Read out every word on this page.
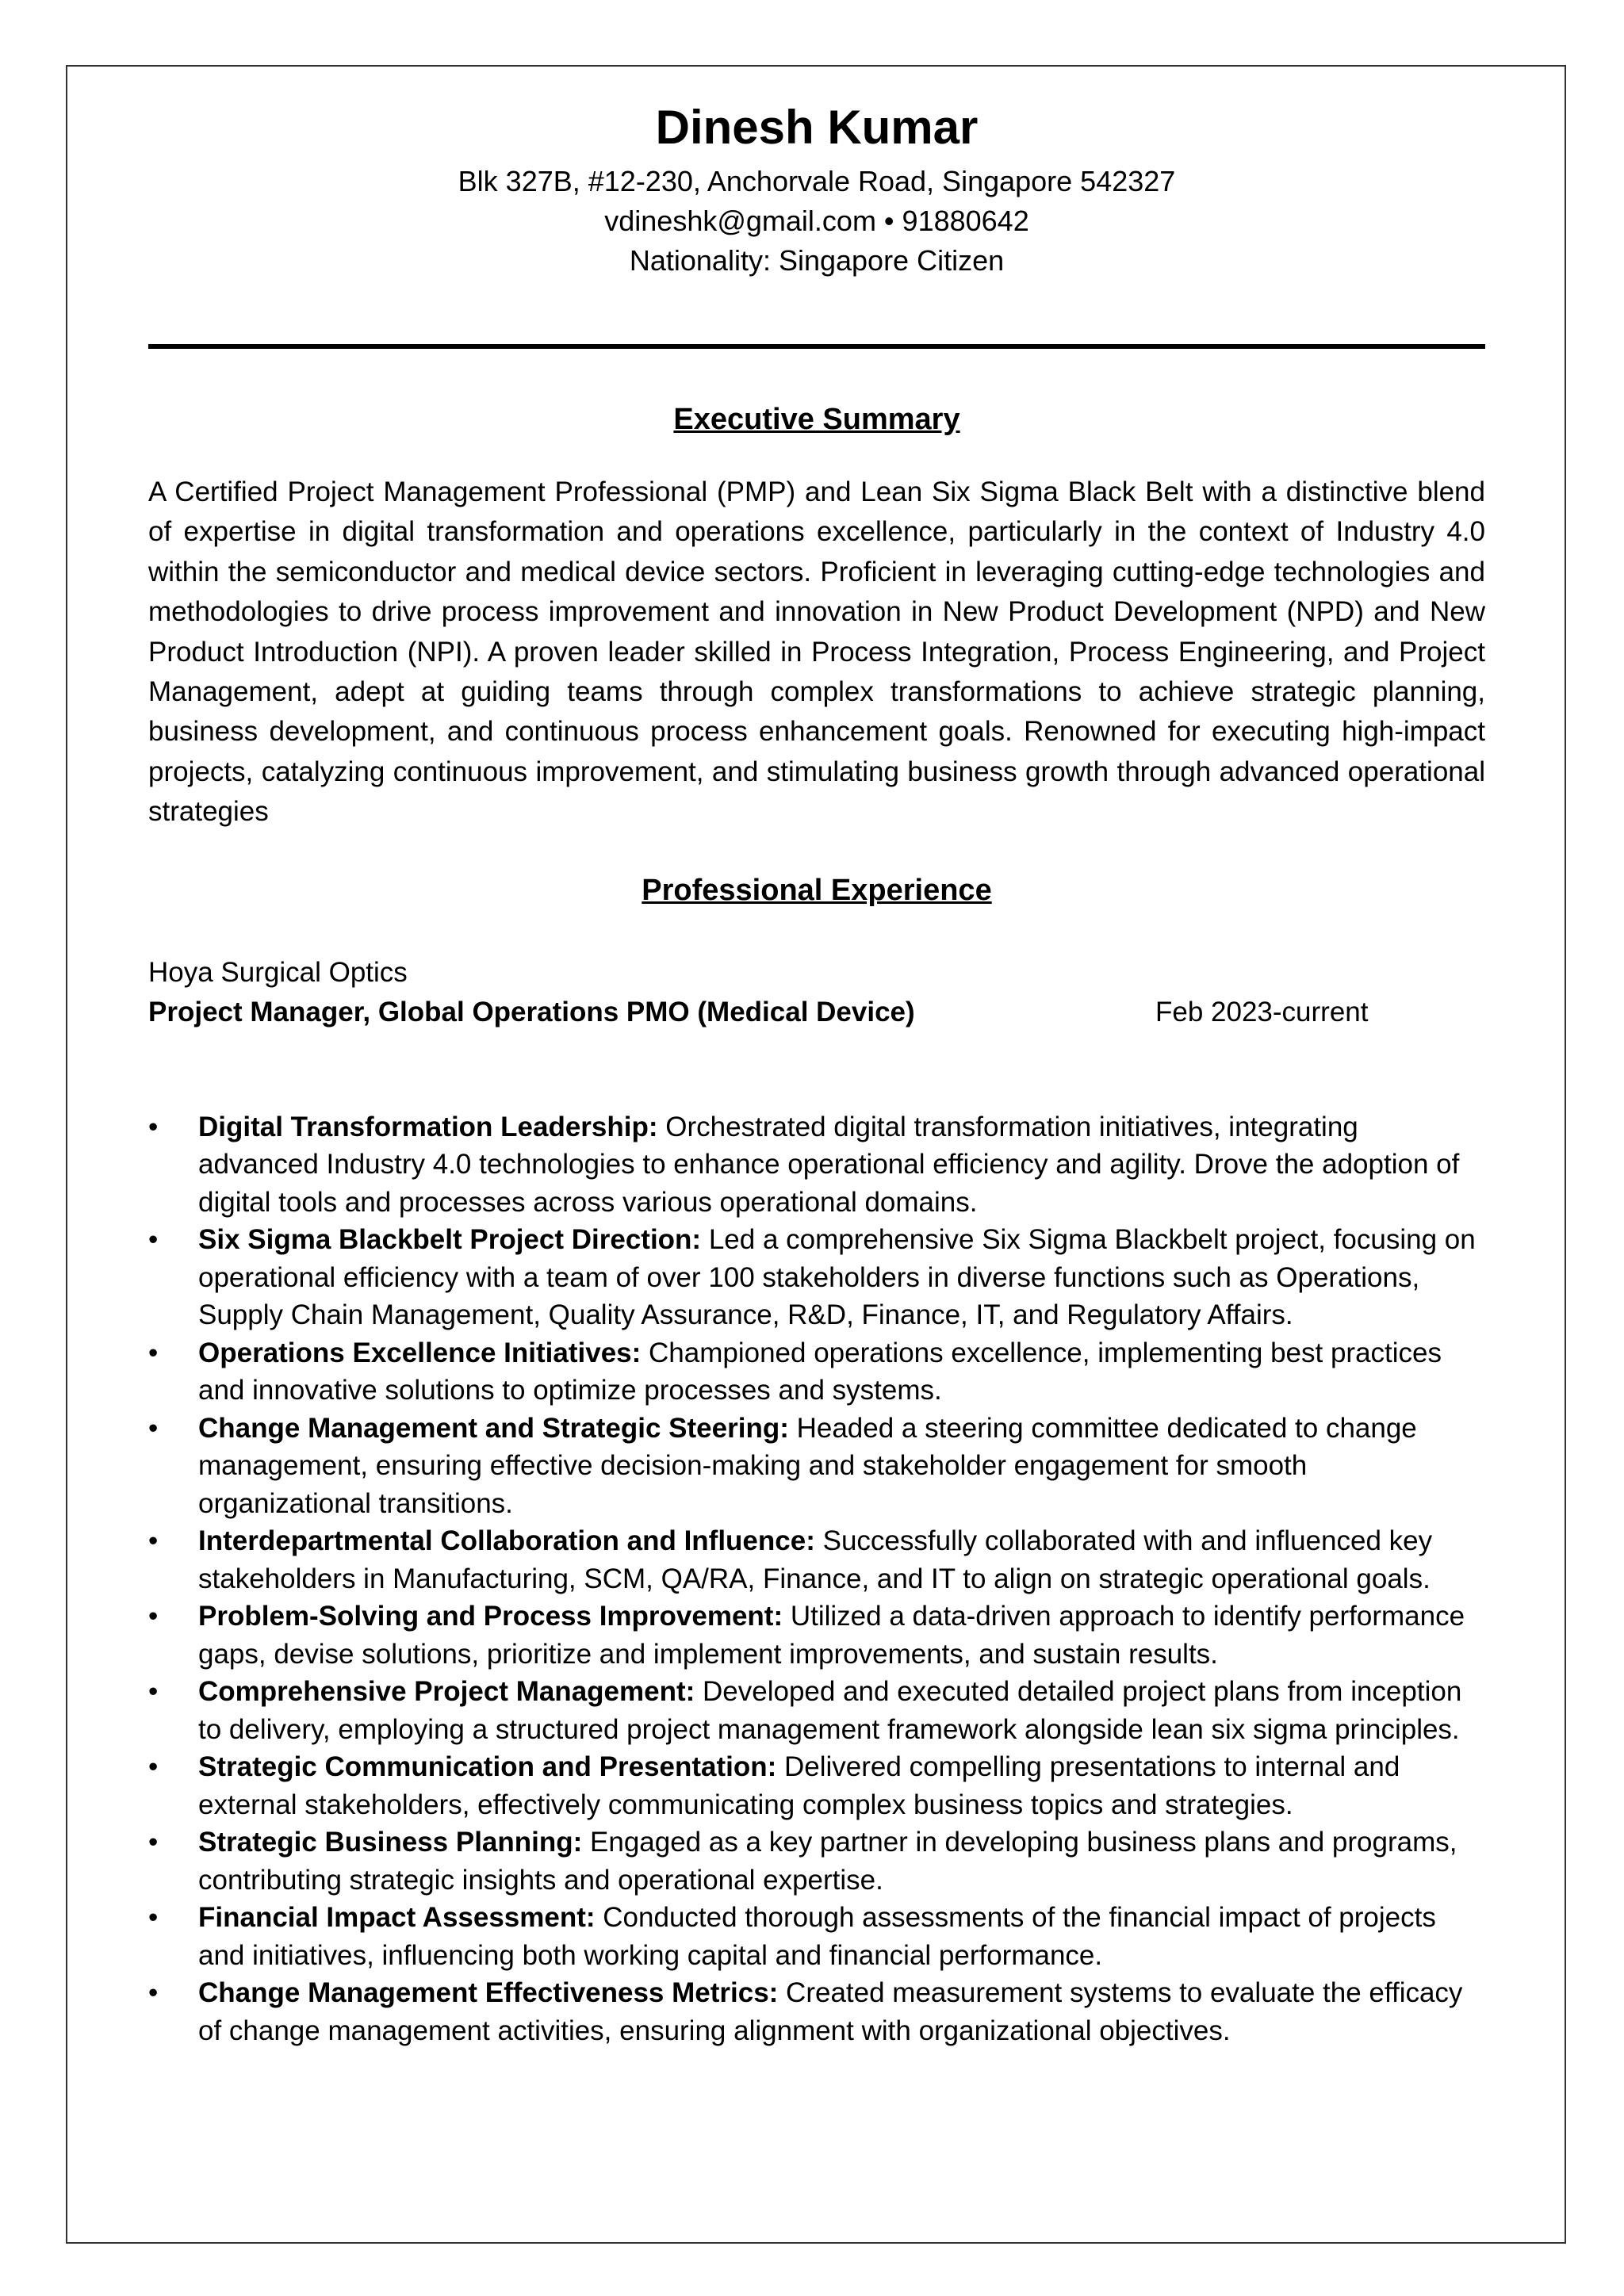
Dinesh Kumar

Blk 327B, #12-230, Anchorvale Road, Singapore 542327

vdineshk@gmail.com • 91880642

Nationality: Singapore Citizen

Executive Summary

A Certified Project Management Professional (PMP) and Lean Six Sigma Black Belt with a distinctive blend of expertise in digital transformation and operations excellence, particularly in the context of Industry 4.0 within the semiconductor and medical device sectors. Proficient in leveraging cutting-edge technologies and methodologies to drive process improvement and innovation in New Product Development (NPD) and New Product Introduction (NPI). A proven leader skilled in Process Integration, Process Engineering, and Project Management, adept at guiding teams through complex transformations to achieve strategic planning, business development, and continuous process enhancement goals. Renowned for executing high-impact projects, catalyzing continuous improvement, and stimulating business growth through advanced operational strategies

Professional Experience
Hoya Surgical Optics
Project Manager, Global Operations PMO (Medical Device)	Feb 2023-current
• Digital Transformation Leadership: Orchestrated digital transformation initiatives, integrating advanced Industry 4.0 technologies to enhance operational efficiency and agility. Drove the adoption of digital tools and processes across various operational domains.
• Six Sigma Blackbelt Project Direction: Led a comprehensive Six Sigma Blackbelt project, focusing on operational efficiency with a team of over 100 stakeholders in diverse functions such as Operations, Supply Chain Management, Quality Assurance, R&D, Finance, IT, and Regulatory Affairs.
• Operations Excellence Initiatives: Championed operations excellence, implementing best practices and innovative solutions to optimize processes and systems.
• Change Management and Strategic Steering: Headed a steering committee dedicated to change management, ensuring effective decision-making and stakeholder engagement for smooth organizational transitions.
• Interdepartmental Collaboration and Influence: Successfully collaborated with and influenced key stakeholders in Manufacturing, SCM, QA/RA, Finance, and IT to align on strategic operational goals.
• Problem-Solving and Process Improvement: Utilized a data-driven approach to identify performance gaps, devise solutions, prioritize and implement improvements, and sustain results.
• Comprehensive Project Management: Developed and executed detailed project plans from inception to delivery, employing a structured project management framework alongside lean six sigma principles.
• Strategic Communication and Presentation: Delivered compelling presentations to internal and external stakeholders, effectively communicating complex business topics and strategies.
• Strategic Business Planning: Engaged as a key partner in developing business plans and programs, contributing strategic insights and operational expertise.
• Financial Impact Assessment: Conducted thorough assessments of the financial impact of projects and initiatives, influencing both working capital and financial performance.
• Change Management Effectiveness Metrics: Created measurement systems to evaluate the efficacy of change management activities, ensuring alignment with organizational objectives.
